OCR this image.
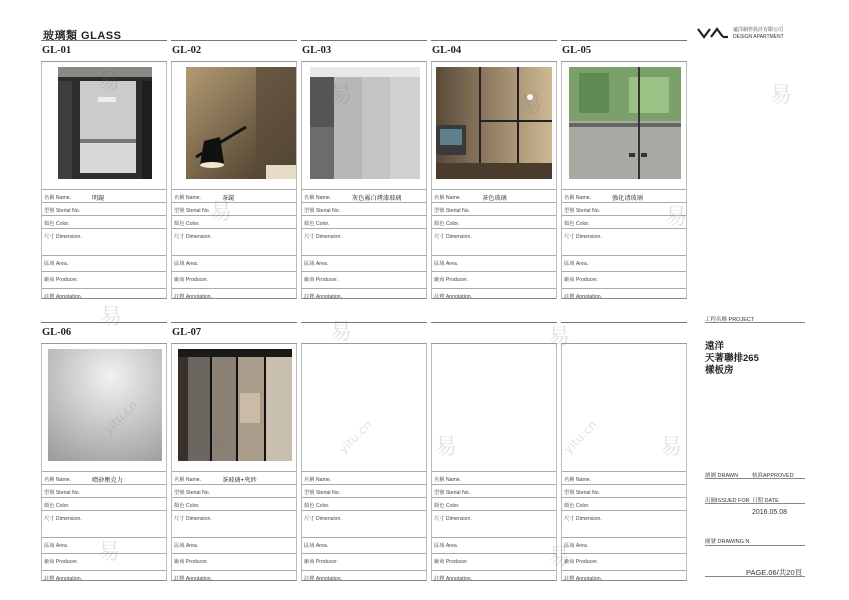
玻璃類 GLASS	遠洋制作設計有限公司
DESIGN APARTMENT
GL-01
名稱 Name.	明鏡
型號 Sterial No.
顏色 Color.
尺寸 Dimension.
區域 Area.
廠商 Producer.
註釋 Annotation.
GL-02
名稱 Name.	茶鏡
型號 Sterial No.
顏色 Color.
尺寸 Dimension.
區域 Area.
廠商 Producer.
註釋 Annotation.
GL-03
名稱 Name.	灰色霧白烤漆玻璃
型號 Sterial No.
顏色 Color.
尺寸 Dimension.
區域 Area.
廠商 Producer.
註釋 Annotation.
GL-04
名稱 Name.	茶色玻璃
型號 Sterial No.
顏色 Color.
尺寸 Dimension.
區域 Area.
廠商 Producer.
註釋 Annotation.
GL-05
名稱 Name.	強化清玻璃
型號 Sterial No.
顏色 Color.
尺寸 Dimension.
區域 Area.
廠商 Producer.
註釋 Annotation.
GL-06
名稱 Name.	噴砂壓克力
型號 Sterial No.
顏色 Color.
尺寸 Dimension.
區域 Area.
廠商 Producer.
註釋 Annotation.
GL-07
名稱 Name.	茶玻璃+夾紗
型號 Sterial No.
顏色 Color.
尺寸 Dimension.
區域 Area.
廠商 Producer.
註釋 Annotation.
名稱 Name.
型號 Sterial No.
顏色 Color.
尺寸 Dimension.
區域 Area.
廠商 Producer.
註釋 Annotation.
名稱 Name.
型號 Sterial No.
顏色 Color.
尺寸 Dimension.
區域 Area.
廠商 Producer.
註釋 Annotation.
名稱 Name.
型號 Sterial No.
顏色 Color.
尺寸 Dimension.
區域 Area.
廠商 Producer.
註釋 Annotation.
易
易	易	易
易	易
易
易	易
易	易	易
易	易
yitu.cn
yitu.cn
yitu.cn	yitu.cn
工程名稱 PROJECT
遠洋
天著聯排265
樣板房
繪圖 DRAWN	核准APPROVED
出圖ISSUED FOR 日期 DATE
2016.05.08
圖號 DRAWING N
PAGE.06/共20頁
